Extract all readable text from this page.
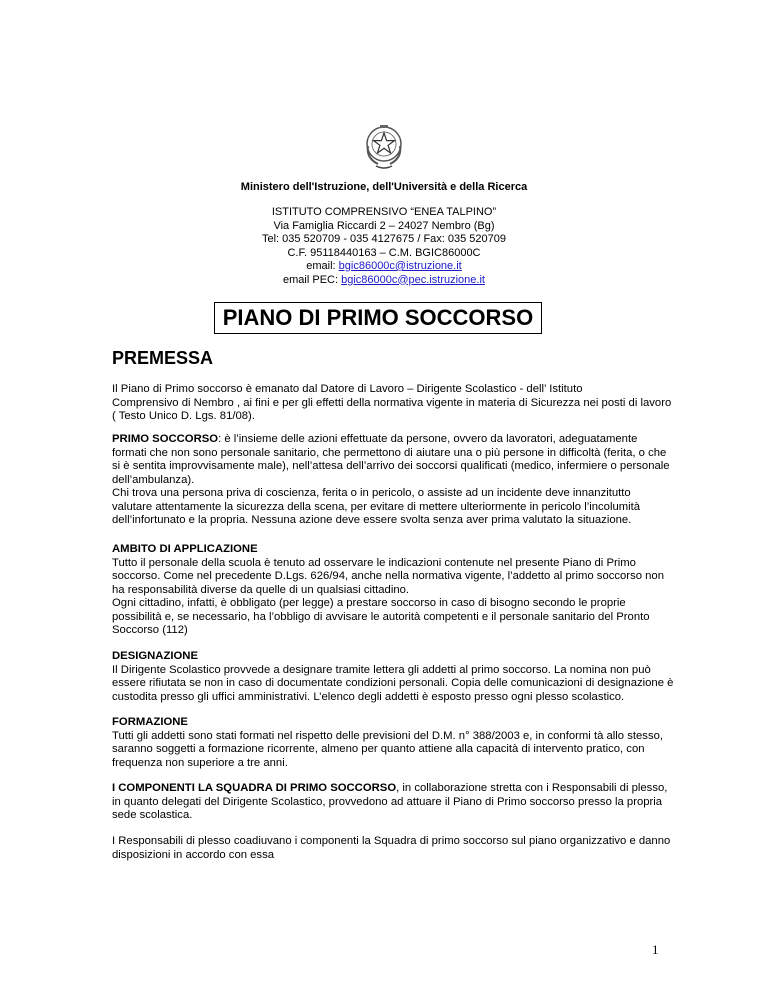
Ministero dell'Istruzione, dell'Università e della Ricerca
ISTITUTO COMPRENSIVO “ENEA TALPINO”
Via Famiglia Riccardi 2 – 24027 Nembro (Bg)
Tel: 035 520709 - 035 4127675 / Fax: 035 520709
C.F. 95118440163 – C.M. BGIC86000C
email: bgic86000c@istruzione.it
email PEC: bgic86000c@pec.istruzione.it
PIANO DI PRIMO SOCCORSO
PREMESSA
Il Piano di Primo soccorso è emanato dal Datore di Lavoro – Dirigente Scolastico - dell’ Istituto
Comprensivo di Nembro , ai fini e per gli effetti della normativa vigente in materia di Sicurezza nei posti di lavoro
( Testo Unico D. Lgs. 81/08).
PRIMO SOCCORSO: è l’insieme delle azioni effettuate da persone, ovvero da lavoratori, adeguatamente
formati che non sono personale sanitario, che permettono di aiutare una o più persone in difficoltà (ferita, o che
si è sentita improvvisamente male), nell’attesa dell’arrivo dei soccorsi qualificati (medico, infermiere o personale
dell’ambulanza).
Chi trova una persona priva di coscienza, ferita o in pericolo, o assiste ad un incidente deve innanzitutto
valutare attentamente la sicurezza della scena, per evitare di mettere ulteriormente in pericolo l’incolumità
dell’infortunato e la propria. Nessuna azione deve essere svolta senza aver prima valutato la situazione.
AMBITO DI APPLICAZIONE
Tutto il personale della scuola è tenuto ad osservare le indicazioni contenute nel presente Piano di Primo
soccorso. Come nel precedente D.Lgs. 626/94, anche nella normativa vigente, l’addetto al primo soccorso non
ha responsabilità diverse da quelle di un qualsiasi cittadino.
Ogni cittadino, infatti, è obbligato (per legge) a prestare soccorso in caso di bisogno secondo le proprie
possibilità e, se necessario, ha l’obbligo di avvisare le autorità competenti e il personale sanitario del Pronto
Soccorso (112)
DESIGNAZIONE
Il Dirigente Scolastico provvede a designare tramite lettera gli addetti al primo soccorso. La nomina non può
essere rifiutata se non in caso di documentate condizioni personali. Copia delle comunicazioni di designazione è
custodita presso gli uffici amministrativi. L’elenco degli addetti è esposto presso ogni plesso scolastico.
FORMAZIONE
Tutti gli addetti sono stati formati nel rispetto delle previsioni del D.M. n° 388/2003 e, in conformi tà allo stesso,
saranno soggetti a formazione ricorrente, almeno per quanto attiene alla capacità di intervento pratico, con
frequenza non superiore a tre anni.
I COMPONENTI LA SQUADRA DI PRIMO SOCCORSO, in collaborazione stretta con i Responsabili di plesso,
in quanto delegati del Dirigente Scolastico, provvedono ad attuare il Piano di Primo soccorso presso la propria
sede scolastica.
I Responsabili di plesso coadiuvano i componenti la Squadra di primo soccorso sul piano organizzativo e danno
disposizioni in accordo con essa
1
